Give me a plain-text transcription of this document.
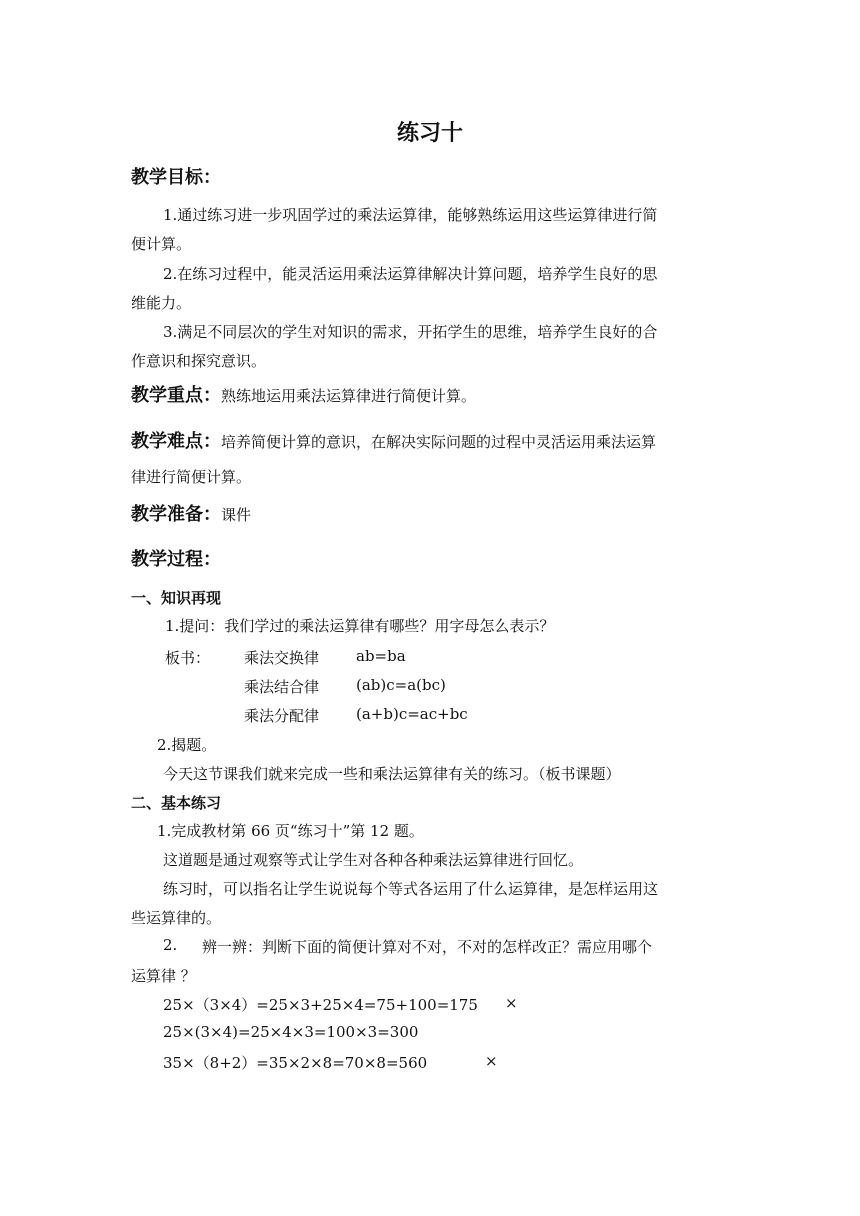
练习十
教学目标：
1.通过练习进一步巩固学过的乘法运算律，能够熟练运用这些运算律进行简
便计算。
2.在练习过程中，能灵活运用乘法运算律解决计算问题，培养学生良好的思
维能力。
3.满足不同层次的学生对知识的需求，开拓学生的思维，培养学生良好的合
作意识和探究意识。
教学重点：熟练地运用乘法运算律进行简便计算。
教学难点：培养简便计算的意识，在解决实际问题的过程中灵活运用乘法运算
律进行简便计算。
教学准备：课件
教学过程：
一、知识再现
1.提问：我们学过的乘法运算律有哪些？用字母怎么表示？
板书： 乘法交换律 ab=ba
乘法结合律 (ab)c=a(bc)
乘法分配律 (a+b)c=ac+bc
2.揭题。
今天这节课我们就来完成一些和乘法运算律有关的练习。（板书课题）
二、基本练习
1.完成教材第 66 页“练习十”第 12 题。
这道题是通过观察等式让学生对各种各种乘法运算律进行回忆。
练习时，可以指名让学生说说每个等式各运用了什么运算律，是怎样运用这
些运算律的。
2. 辨一辨：判断下面的简便计算对不对，不对的怎样改正？需应用哪个
运算律 ？
25×（3×4）=25×3+25×4=75+100=175 ×
25×(3×4)=25×4×3=100×3=300
35×（8+2）=35×2×8=70×8=560	×
